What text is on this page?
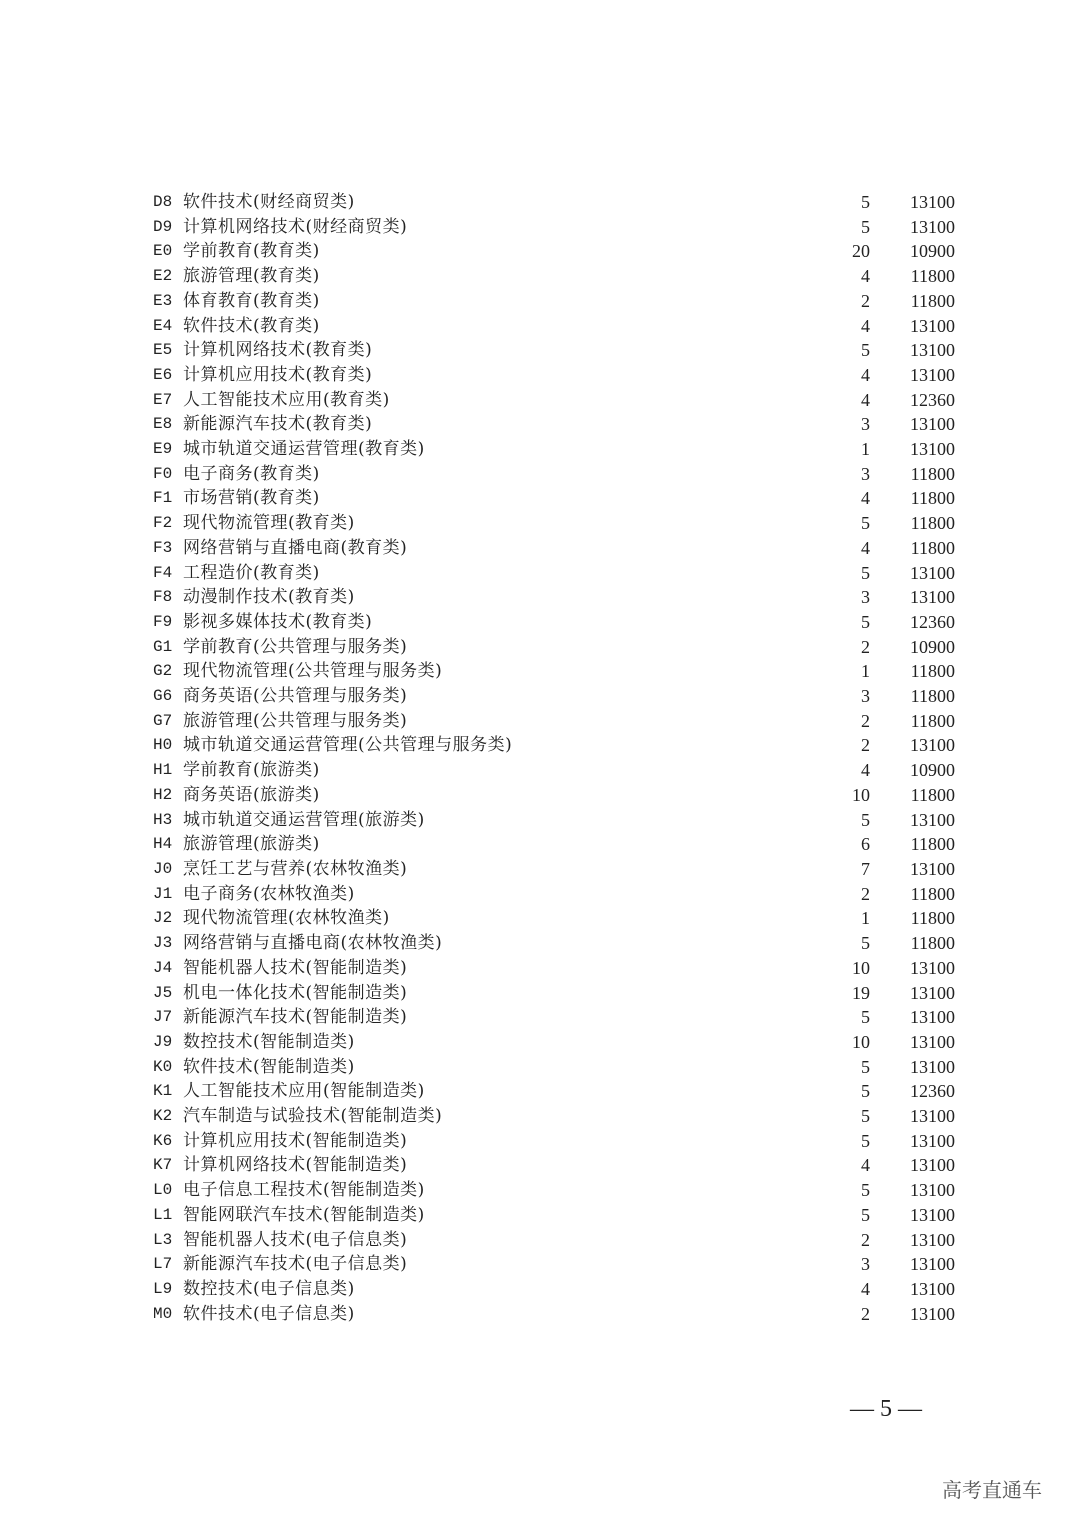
D8 软件技术(财经商贸类)	5 13100
D9 计算机网络技术(财经商贸类)	5 13100
E0 学前教育(教育类)	20 10900
E2 旅游管理(教育类)	4 11800
E3 体育教育(教育类)	2 11800
E4 软件技术(教育类)	4 13100
E5 计算机网络技术(教育类)	5 13100
E6 计算机应用技术(教育类)	4 13100
E7 人工智能技术应用(教育类)	4 12360
E8 新能源汽车技术(教育类)	3 13100
E9 城市轨道交通运营管理(教育类)	1 13100
F0 电子商务(教育类)	3 11800
F1 市场营销(教育类)	4 11800
F2 现代物流管理(教育类)	5 11800
F3 网络营销与直播电商(教育类)	4 11800
F4 工程造价(教育类)	5 13100
F8 动漫制作技术(教育类)	3 13100
F9 影视多媒体技术(教育类)	5 12360
G1 学前教育(公共管理与服务类)	2 10900
G2 现代物流管理(公共管理与服务类)	1 11800
G6 商务英语(公共管理与服务类)	3 11800
G7 旅游管理(公共管理与服务类)	2 11800
H0 城市轨道交通运营管理(公共管理与服务类)	2 13100
H1 学前教育(旅游类)	4 10900
H2 商务英语(旅游类)	10 11800
H3 城市轨道交通运营管理(旅游类)	5 13100
H4 旅游管理(旅游类)	6 11800
J0 烹饪工艺与营养(农林牧渔类)	7 13100
J1 电子商务(农林牧渔类)	2 11800
J2 现代物流管理(农林牧渔类)	1 11800
J3 网络营销与直播电商(农林牧渔类)	5 11800
J4 智能机器人技术(智能制造类)	10 13100
J5 机电一体化技术(智能制造类)	19 13100
J7 新能源汽车技术(智能制造类)	5 13100
J9 数控技术(智能制造类)	10 13100
K0 软件技术(智能制造类)	5 13100
K1 人工智能技术应用(智能制造类)	5 12360
K2 汽车制造与试验技术(智能制造类)	5 13100
K6 计算机应用技术(智能制造类)	5 13100
K7 计算机网络技术(智能制造类)	4 13100
L0 电子信息工程技术(智能制造类)	5 13100
L1 智能网联汽车技术(智能制造类)	5 13100
L3 智能机器人技术(电子信息类)	2 13100
L7 新能源汽车技术(电子信息类)	3 13100
L9 数控技术(电子信息类)	4 13100
M0 软件技术(电子信息类)	2 13100
— 5 —
高考直通车
